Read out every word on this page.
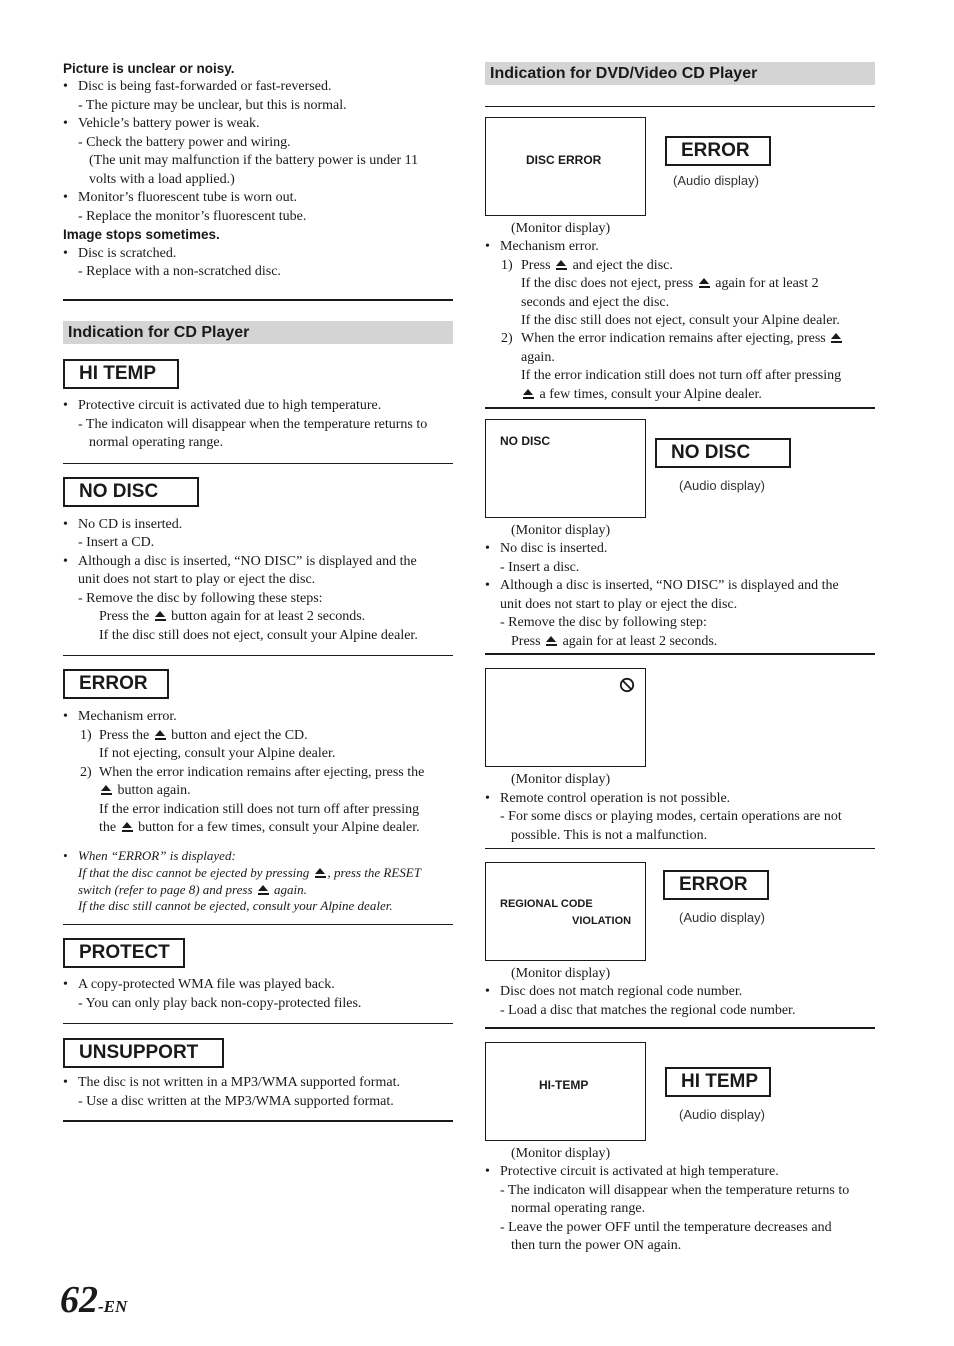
Picture is unclear or noisy.
• Disc is being fast-forwarded or fast-reversed.
- The picture may be unclear, but this is normal.
• Vehicle’s battery power is weak.
- Check the battery power and wiring.
(The unit may malfunction if the battery power is under 11
volts with a load applied.)
• Monitor’s fluorescent tube is worn out.
- Replace the monitor’s fluorescent tube.
Image stops sometimes.
• Disc is scratched.
- Replace with a non-scratched disc.
Indication for CD Player
HI TEMP
• Protective circuit is activated due to high temperature.
- The indicaton will disappear when the temperature returns to
normal operating range.
NO DISC
• No CD is inserted.
- Insert a CD.
• Although a disc is inserted, “NO DISC” is displayed and the
unit does not start to play or eject the disc.
- Remove the disc by following these steps:
Press the button again for at least 2 seconds.
If the disc still does not eject, consult your Alpine dealer.
ERROR
• Mechanism error.
1) Press the button and eject the CD.
If not ejecting, consult your Alpine dealer.
2) When the error indication remains after ejecting, press the
button again.
If the error indication still does not turn off after pressing
the button for a few times, consult your Alpine dealer.
• When “ERROR” is displayed:
If that the disc cannot be ejected by pressing , press the RESET
switch (refer to page 8) and press again.
If the disc still cannot be ejected, consult your Alpine dealer.
PROTECT
• A copy-protected WMA file was played back.
- You can only play back non-copy-protected files.
UNSUPPORT
• The disc is not written in a MP3/WMA supported format.
- Use a disc written at the MP3/WMA supported format.
Indication for DVD/Video CD Player
DISC ERROR	ERROR
(Audio display)
(Monitor display)
• Mechanism error.
1) Press and eject the disc.
If the disc does not eject, press again for at least 2
seconds and eject the disc.
If the disc still does not eject, consult your Alpine dealer.
2) When the error indication remains after ejecting, press
again.
If the error indication still does not turn off after pressing
a few times, consult your Alpine dealer.
NO DISC
NO DISC
(Audio display)
(Monitor display)
• No disc is inserted.
- Insert a disc.
• Although a disc is inserted, “NO DISC” is displayed and the
unit does not start to play or eject the disc.
- Remove the disc by following step:
Press again for at least 2 seconds.
(Monitor display)
• Remote control operation is not possible.
- For some discs or playing modes, certain operations are not
possible. This is not a malfunction.
REGIONAL CODE
VIOLATION
ERROR
(Audio display)
(Monitor display)
• Disc does not match regional code number.
- Load a disc that matches the regional code number.
HI-TEMP	HI TEMP
(Audio display)
(Monitor display)
• Protective circuit is activated at high temperature.
- The indicaton will disappear when the temperature returns to
normal operating range.
- Leave the power OFF until the temperature decreases and
then turn the power ON again.
62 -EN
